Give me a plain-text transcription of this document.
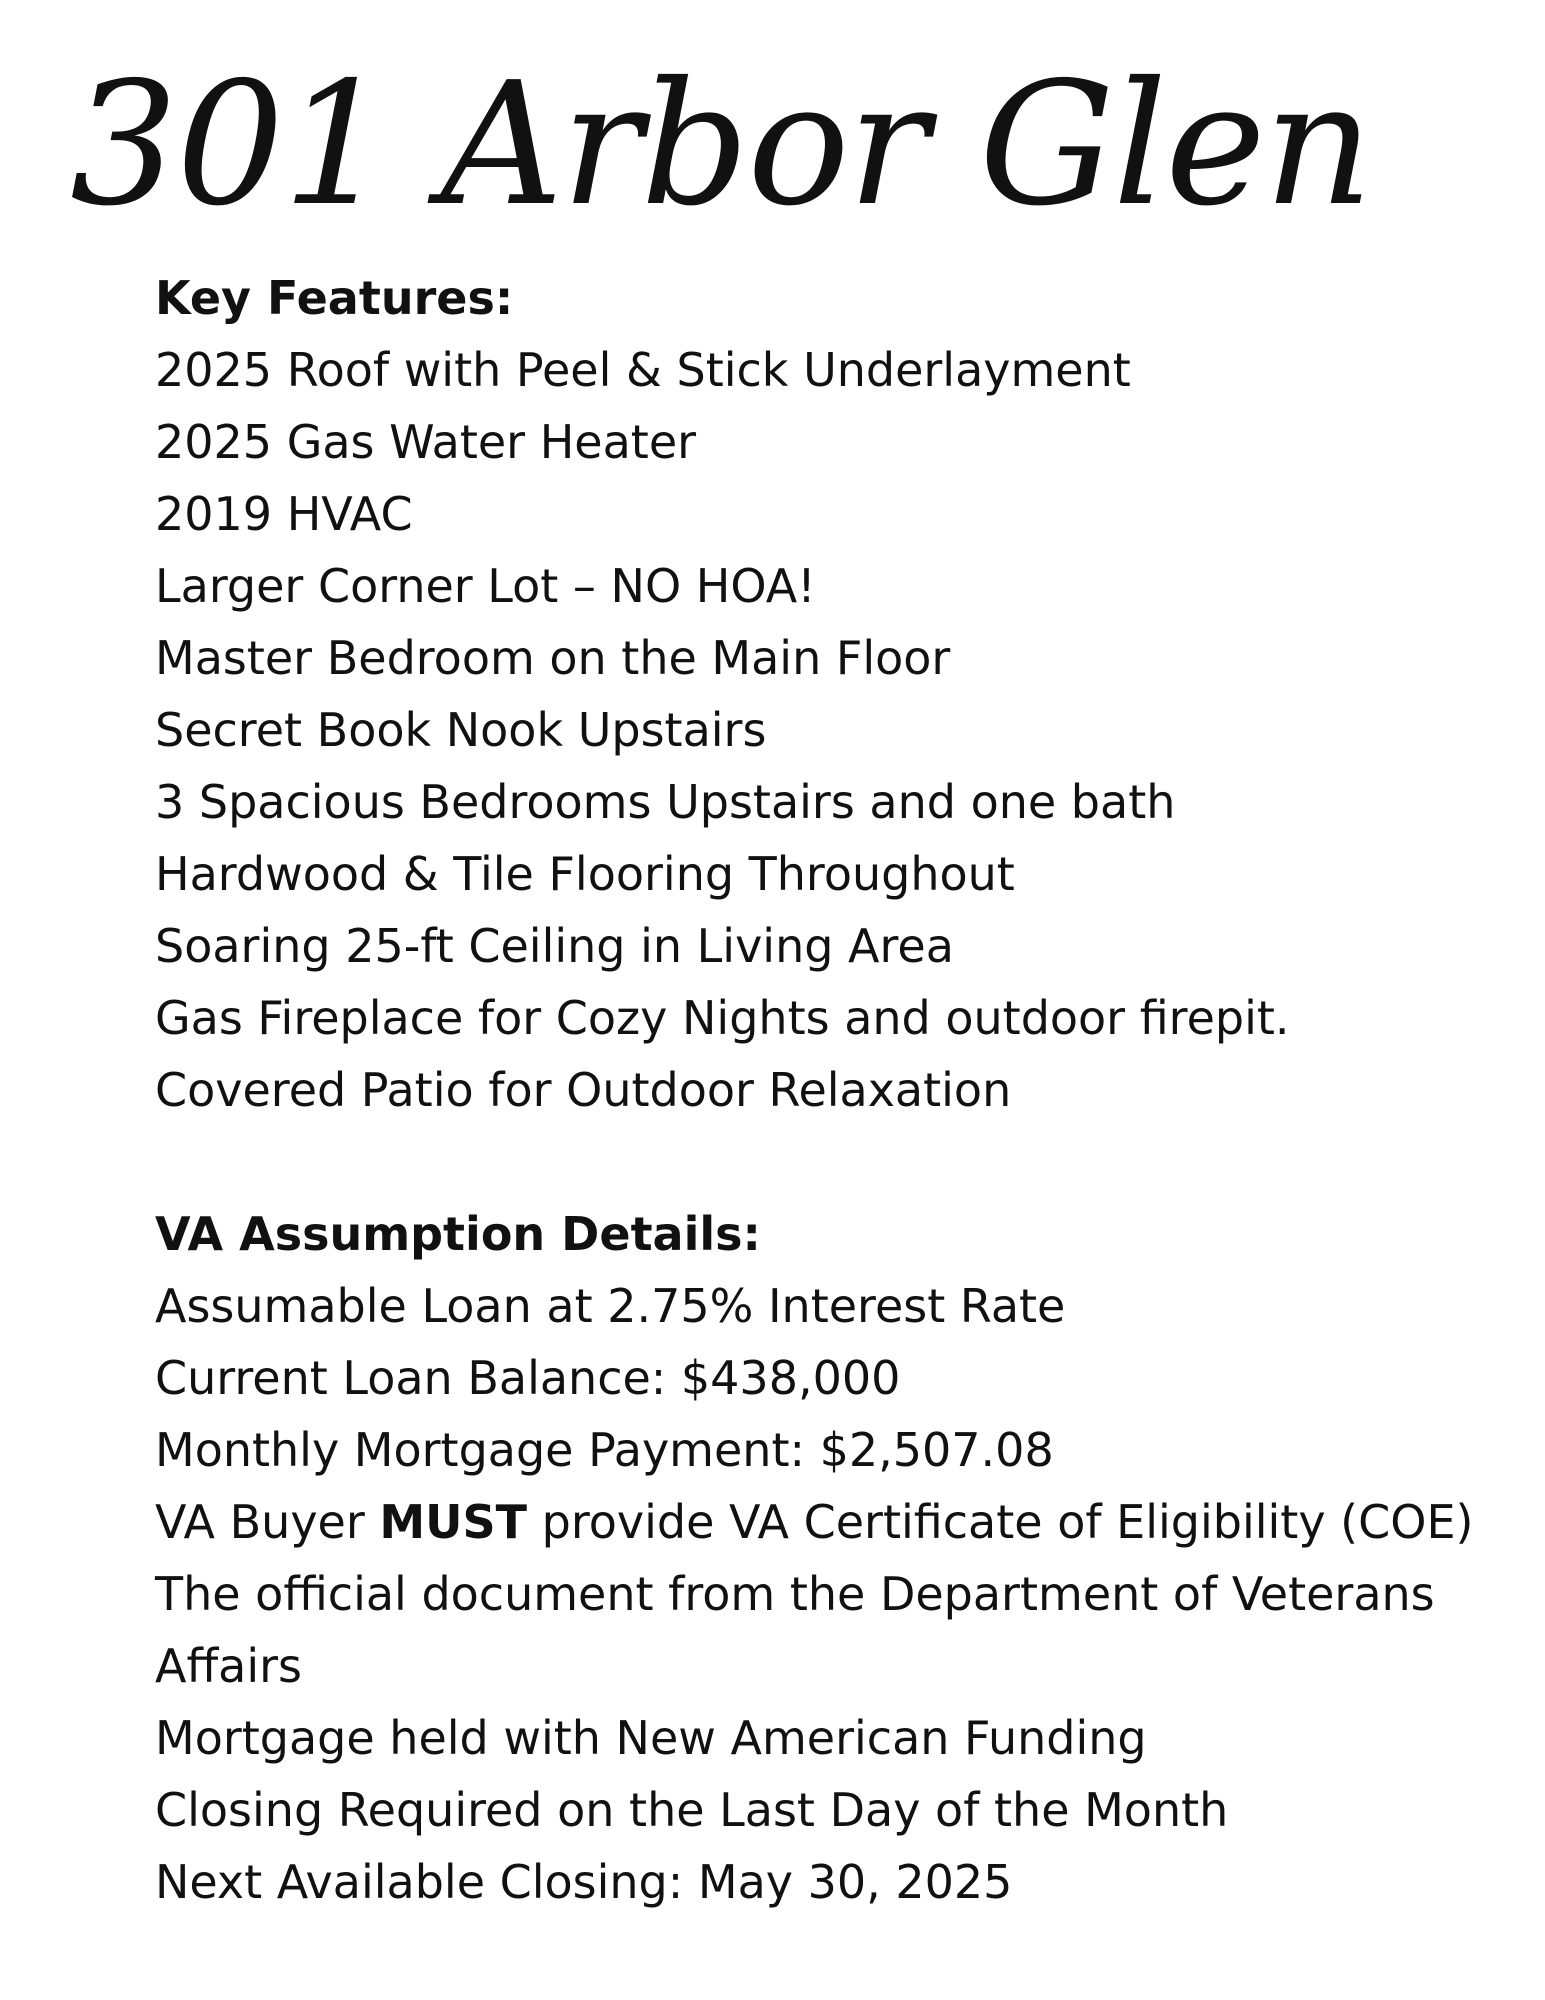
301 Arbor Glen
Key Features:
2025 Roof with Peel & Stick Underlayment
2025 Gas Water Heater
2019 HVAC
Larger Corner Lot – NO HOA!
Master Bedroom on the Main Floor
Secret Book Nook Upstairs
3 Spacious Bedrooms Upstairs and one bath
Hardwood & Tile Flooring Throughout
Soaring 25-ft Ceiling in Living Area
Gas Fireplace for Cozy Nights and outdoor firepit.
Covered Patio for Outdoor Relaxation
VA Assumption Details:
Assumable Loan at 2.75% Interest Rate
Current Loan Balance: $438,000
Monthly Mortgage Payment: $2,507.08
VA Buyer MUST provide VA Certificate of Eligibility (COE) The official document from the Department of Veterans Affairs
Mortgage held with New American Funding
Closing Required on the Last Day of the Month
Next Available Closing: May 30, 2025
